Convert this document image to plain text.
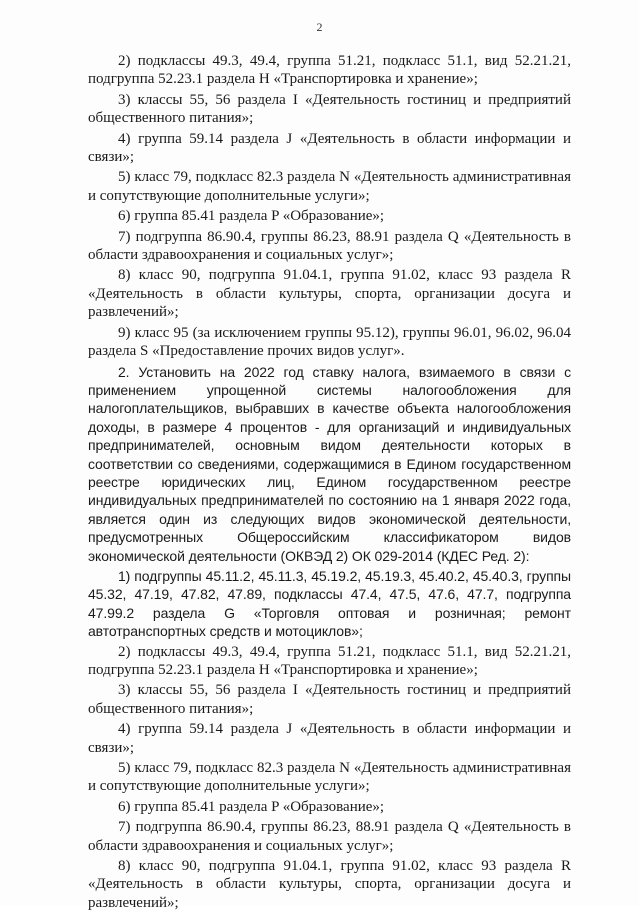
2

2) подклассы 49.3, 49.4, группа 51.21, подкласс 51.1, вид 52.21.21, подгруппа 52.23.1 раздела H «Транспортировка и хранение»;

3) классы 55, 56 раздела I «Деятельность гостиниц и предприятий общественного питания»;

4) группа 59.14 раздела J «Деятельность в области информации и связи»;

5) класс 79, подкласс 82.3 раздела N «Деятельность административная и сопутствующие дополнительные услуги»;

6) группа 85.41 раздела P «Образование»;

7) подгруппа 86.90.4, группы 86.23, 88.91 раздела Q «Деятельность в области здравоохранения и социальных услуг»;

8) класс 90, подгруппа 91.04.1, группа 91.02, класс 93 раздела R «Деятельность в области культуры, спорта, организации досуга и развлечений»;

9) класс 95 (за исключением группы 95.12), группы 96.01, 96.02, 96.04 раздела S «Предоставление прочих видов услуг».

2. Установить на 2022 год ставку налога, взимаемого в связи с применением упрощенной системы налогообложения для налогоплательщиков, выбравших в качестве объекта налогообложения доходы, в размере 4 процентов - для организаций и индивидуальных предпринимателей, основным видом деятельности которых в соответствии со сведениями, содержащимися в Едином государственном реестре юридических лиц, Едином государственном реестре индивидуальных предпринимателей по состоянию на 1 января 2022 года, является один из следующих видов экономической деятельности, предусмотренных Общероссийским классификатором видов экономической деятельности (ОКВЭД 2) ОК 029-2014 (КДЕС Ред. 2):

1) подгруппы 45.11.2, 45.11.3, 45.19.2, 45.19.3, 45.40.2, 45.40.3, группы 45.32, 47.19, 47.82, 47.89, подклассы 47.4, 47.5, 47.6, 47.7, подгруппа 47.99.2 раздела G «Торговля оптовая и розничная; ремонт автотранспортных средств и мотоциклов»;

2) подклассы 49.3, 49.4, группа 51.21, подкласс 51.1, вид 52.21.21, подгруппа 52.23.1 раздела H «Транспортировка и хранение»;

3) классы 55, 56 раздела I «Деятельность гостиниц и предприятий общественного питания»;

4) группа 59.14 раздела J «Деятельность в области информации и связи»;

5) класс 79, подкласс 82.3 раздела N «Деятельность административная и сопутствующие дополнительные услуги»;

6) группа 85.41 раздела P «Образование»;

7) подгруппа 86.90.4, группы 86.23, 88.91 раздела Q «Деятельность в области здравоохранения и социальных услуг»;

8) класс 90, подгруппа 91.04.1, группа 91.02, класс 93 раздела R «Деятельность в области культуры, спорта, организации досуга и развлечений»;
